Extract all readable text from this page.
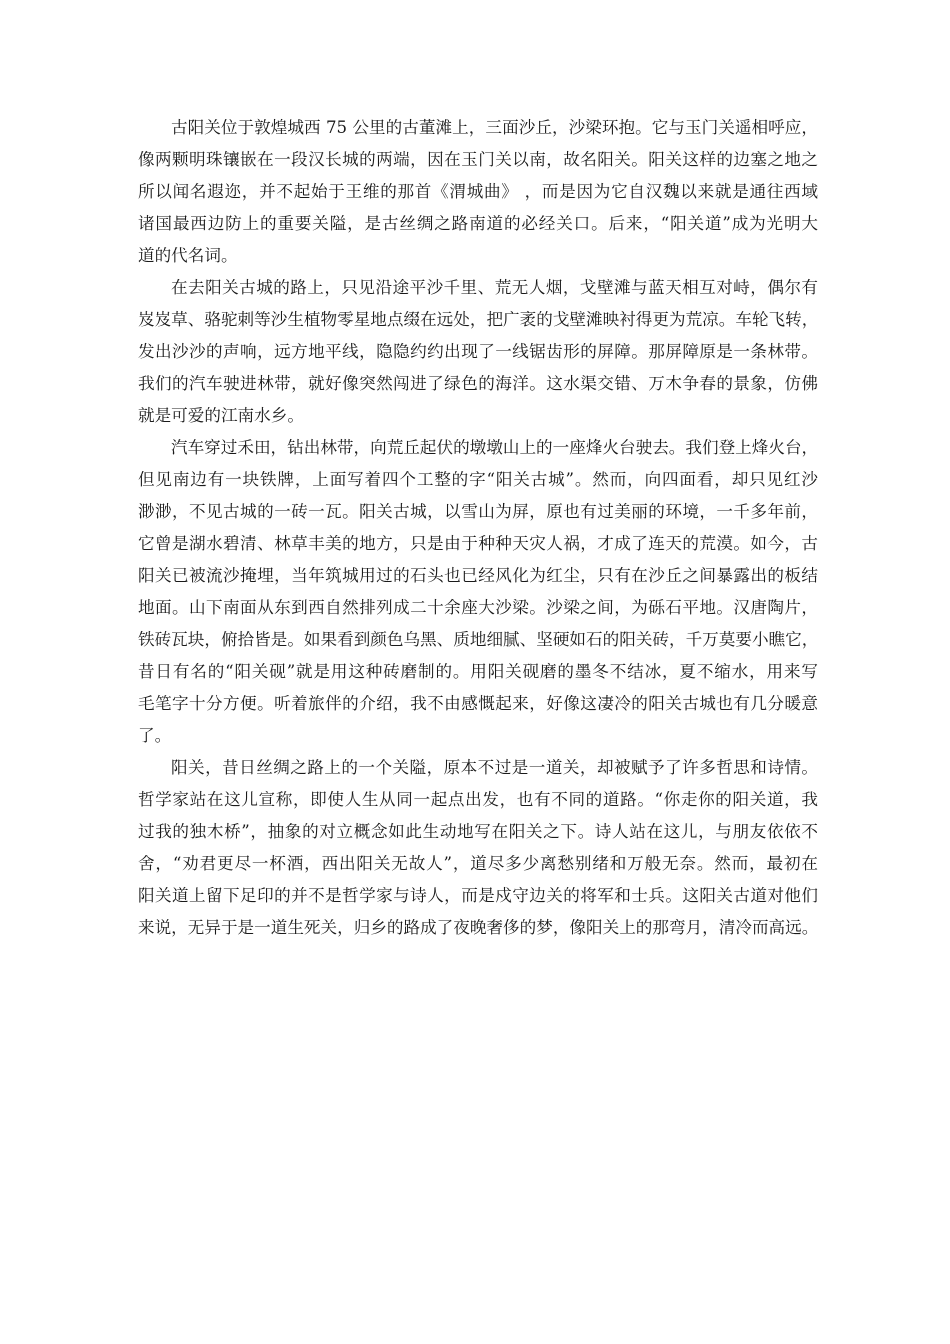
古阳关位于敦煌城西 75 公里的古董滩上，三面沙丘，沙梁环抱。它与玉门关遥相呼应，
像两颗明珠镶嵌在一段汉长城的两端，因在玉门关以南，故名阳关。阳关这样的边塞之地之
所以闻名遐迩，并不起始于王维的那首《渭城曲》 ，而是因为它自汉魏以来就是通往西域
诸国最西边防上的重要关隘，是古丝绸之路南道的必经关口。后来，“阳关道”成为光明大
道的代名词。

在去阳关古城的路上，只见沿途平沙千里、荒无人烟，戈壁滩与蓝天相互对峙，偶尔有
岌岌草、骆驼刺等沙生植物零星地点缀在远处，把广袤的戈壁滩映衬得更为荒凉。车轮飞转，
发出沙沙的声响，远方地平线，隐隐约约出现了一线锯齿形的屏障。那屏障原是一条林带。
我们的汽车驶进林带，就好像突然闯进了绿色的海洋。这水渠交错、万木争春的景象，仿佛
就是可爱的江南水乡。

汽车穿过禾田，钻出林带，向荒丘起伏的墩墩山上的一座烽火台驶去。我们登上烽火台，
但见南边有一块铁牌，上面写着四个工整的字“阳关古城”。然而，向四面看，却只见红沙
渺渺，不见古城的一砖一瓦。阳关古城，以雪山为屏，原也有过美丽的环境，一千多年前，
它曾是湖水碧清、林草丰美的地方，只是由于种种天灾人祸，才成了连天的荒漠。如今，古
阳关已被流沙掩埋，当年筑城用过的石头也已经风化为红尘，只有在沙丘之间暴露出的板结
地面。山下南面从东到西自然排列成二十余座大沙梁。沙梁之间，为砾石平地。汉唐陶片，
铁砖瓦块，俯拾皆是。如果看到颜色乌黑、质地细腻、坚硬如石的阳关砖，千万莫要小瞧它，
昔日有名的“阳关砚”就是用这种砖磨制的。用阳关砚磨的墨冬不结冰，夏不缩水，用来写
毛笔字十分方便。听着旅伴的介绍，我不由感慨起来，好像这凄冷的阳关古城也有几分暖意
了。

阳关，昔日丝绸之路上的一个关隘，原本不过是一道关，却被赋予了许多哲思和诗情。
哲学家站在这儿宣称，即使人生从同一起点出发，也有不同的道路。“你走你的阳关道，我
过我的独木桥”，抽象的对立概念如此生动地写在阳关之下。诗人站在这儿，与朋友依依不
舍，“劝君更尽一杯酒，西出阳关无故人”，道尽多少离愁别绪和万般无奈。然而，最初在
阳关道上留下足印的并不是哲学家与诗人，而是戍守边关的将军和士兵。这阳关古道对他们
来说，无异于是一道生死关，归乡的路成了夜晚奢侈的梦，像阳关上的那弯月，清冷而高远。
